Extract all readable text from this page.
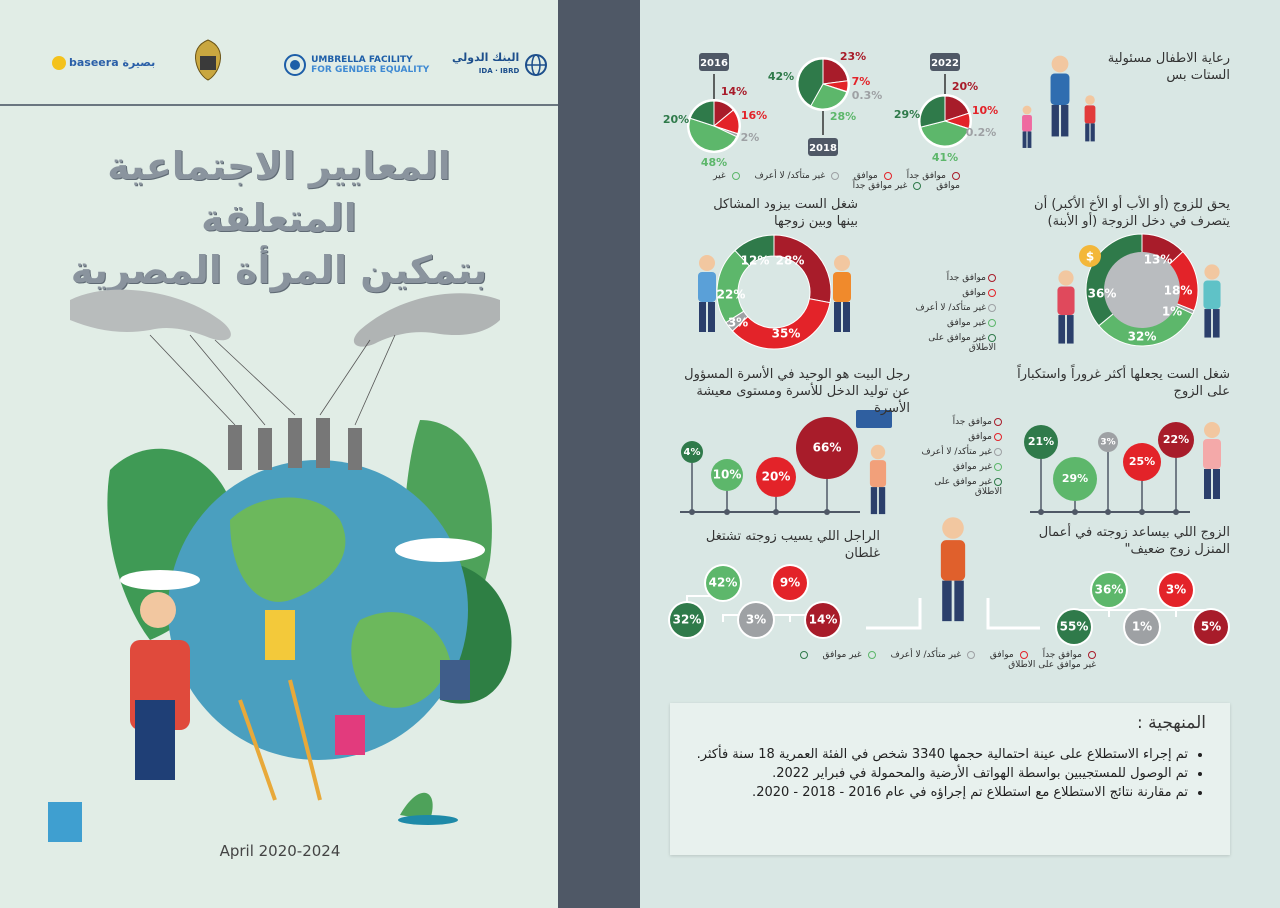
baseera بصيرة	UMBRELLA FACILITY
FOR GENDER EQUALITY
البنك الدولي
IDA · IBRD
المعايير الاجتماعية المتعلقة
بتمكين المرأة المصرية
April 2020-2024
2016
14%
16%
2%
48%
20%
2018
23%
7%
0.3%
28%
42%
2022
20%
10%
0.2%
41%
29%
13%
18%
1%
32%
36%
28%
35%
3%
22%
12%
22%
25%
3%
29%
21%
66%
20%
10%
4%
14%
9%
3%
42%
32%	5%
3%
1%
36%
55%
$
رعاية الاطفال مسئولية الستات بس
يحق للزوج (أو الأب أو الأخ الأكبر) أن يتصرف في دخل الزوجة (أو الأبنة)
شغل الست بيزود المشاكل بينها وبين زوجها
شغل الست يجعلها أكثر غروراً واستكباراً على الزوج
رجل البيت هو الوحيد في الأسرة المسؤول عن توليد الدخل للأسرة ومستوى معيشة الأسرة
الراجل اللي يسيب زوجته تشتغل غلطان
الزوج اللي بيساعد زوجته في أعمال المنزل زوج ضعيف"
موافق جداً موافق غير متأكد/ لا أعرف غير موافق غير موافق جداً
موافق جداً موافق غير متأكد/ لا أعرف غير موافق غير موافق على الاطلاق
موافق جداً
موافق
غير متأكد/ لا أعرف
غير موافق
غير موافق على الاطلاق
موافق جداً
موافق
غير متأكد/ لا أعرف
غير موافق
غير موافق على الاطلاق
المنهجية :
• تم إجراء الاستطلاع على عينة احتمالية حجمها 3340 شخص في الفئة العمرية 18 سنة فأكثر.
• تم الوصول للمستجيبين بواسطة الهواتف الأرضية والمحمولة في فبراير 2022.
• تم مقارنة نتائج الاستطلاع مع استطلاع تم إجراؤه في عام 2016 - 2018 - 2020.
